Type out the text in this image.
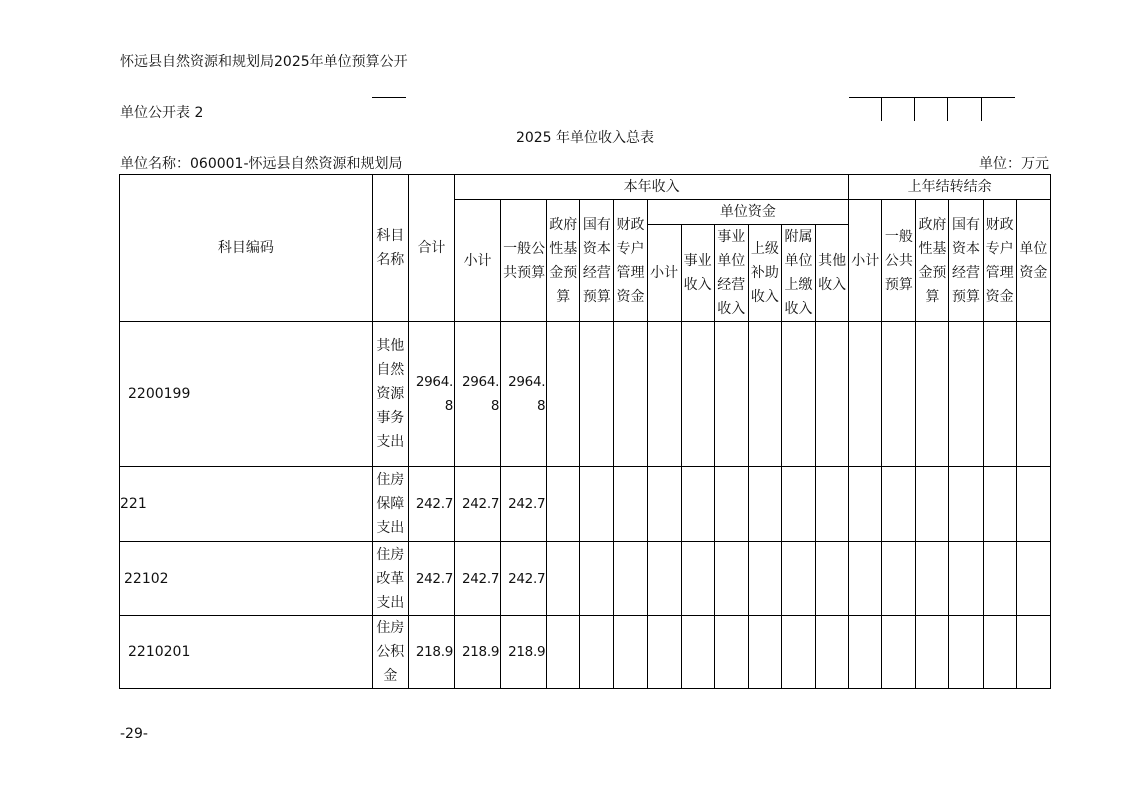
怀远县自然资源和规划局2025年单位预算公开
单位公开表 2
2025 年单位收入总表
单位名称：060001-怀远县自然资源和规划局	单位：万元
科目编码	科目名称	合计	本年收入											上年结转结余					
			小计	一般公共预算	政府性基金预算	国有资本经营预算	财政专户管理资金	单位资金						小计	一般公共预算	政府性基金预算	国有资本经营预算	财政专户管理资金	单位资金

								小计	事业收入	事业单位经营收入	上级补助收入	附属单位上缴收入	其他收入						

2200199	其他自然资源事务支出	2964.8	2964.8	2964.8															
221	住房保障支出	242.7	242.7	242.7															
22102	住房改革支出	242.7	242.7	242.7															
2210201	住房公积金	218.9	218.9	218.9															
-29-
